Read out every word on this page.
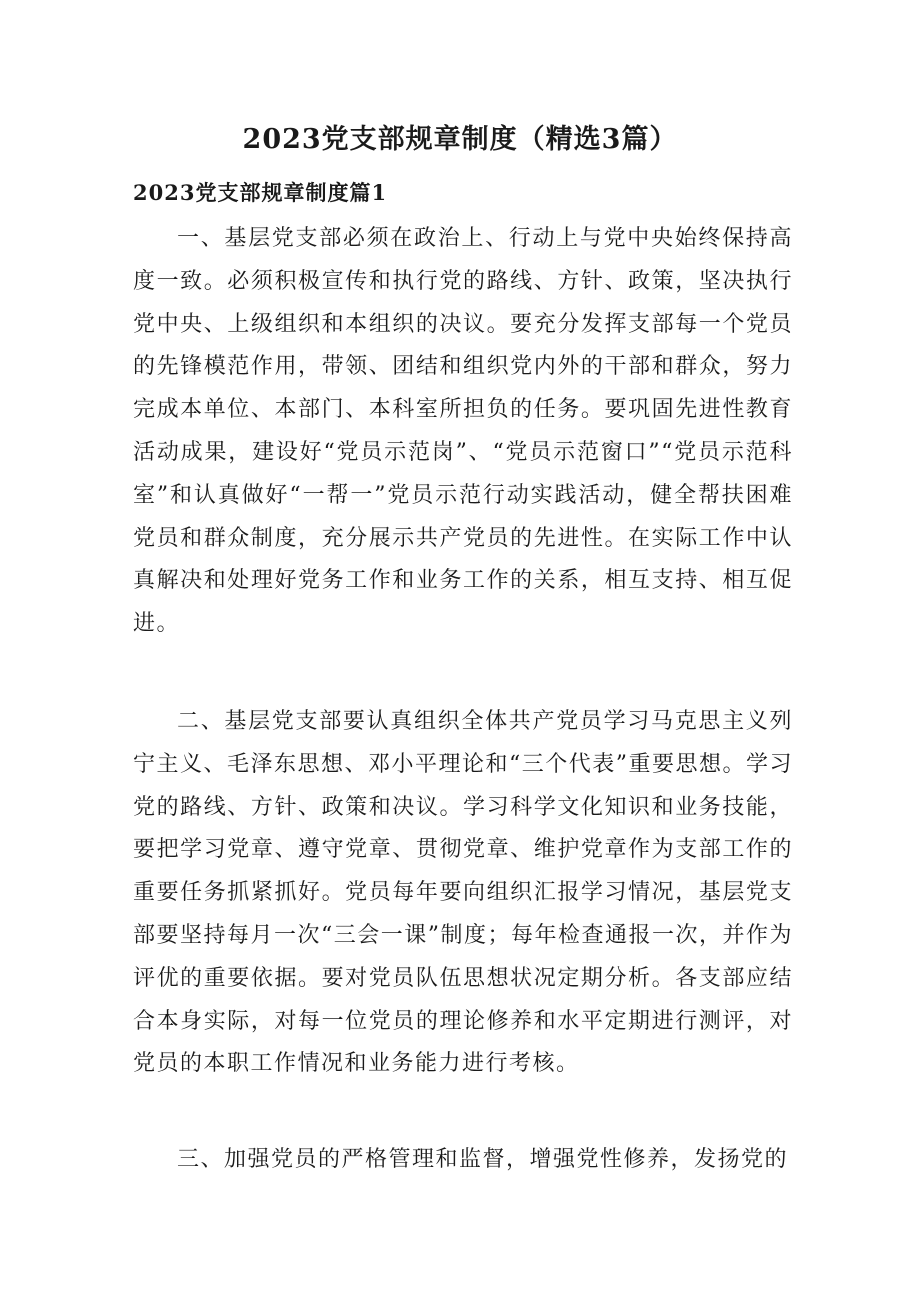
2023党支部规章制度（精选3篇）
2023党支部规章制度篇1

一、基层党支部必须在政治上、行动上与党中央始终保持高度一致。必须积极宣传和执行党的路线、方针、政策，坚决执行党中央、上级组织和本组织的决议。要充分发挥支部每一个党员的先锋模范作用，带领、团结和组织党内外的干部和群众，努力完成本单位、本部门、本科室所担负的任务。要巩固先进性教育活动成果，建设好“党员示范岗”、“党员示范窗口”“党员示范科室”和认真做好“一帮一”党员示范行动实践活动，健全帮扶困难党员和群众制度，充分展示共产党员的先进性。在实际工作中认真解决和处理好党务工作和业务工作的关系，相互支持、相互促进。

二、基层党支部要认真组织全体共产党员学习马克思主义列宁主义、毛泽东思想、邓小平理论和“三个代表”重要思想。学习党的路线、方针、政策和决议。学习科学文化知识和业务技能，要把学习党章、遵守党章、贯彻党章、维护党章作为支部工作的重要任务抓紧抓好。党员每年要向组织汇报学习情况，基层党支部要坚持每月一次“三会一课”制度；每年检查通报一次，并作为评优的重要依据。要对党员队伍思想状况定期分析。各支部应结合本身实际，对每一位党员的理论修养和水平定期进行测评，对党员的本职工作情况和业务能力进行考核。

三、加强党员的严格管理和监督，增强党性修养，发扬党的
